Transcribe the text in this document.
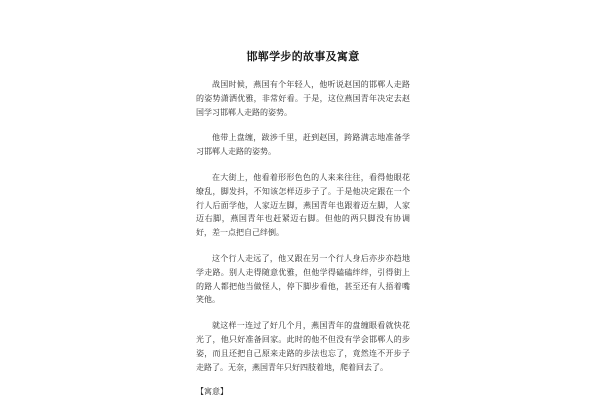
邯郸学步的故事及寓意

战国时候，燕国有个年轻人，他听说赵国的邯郸人走路的姿势潇洒优雅，非常好看。于是，这位燕国青年决定去赵国学习邯郸人走路的姿势。

他带上盘缠，跋涉千里，赶到赵国，跨路满志地准备学习邯郸人走路的姿势。

在大街上，他看着形形色色的人来来往往，看得他眼花缭乱，脚发抖，不知该怎样迈步子了。于是他决定跟在一个行人后面学他，人家迈左脚，燕国青年也跟着迈左脚，人家迈右脚，燕国青年也赶紧迈右脚。但他的两只脚没有协调好，差一点把自己绊倒。

这个行人走远了，他又跟在另一个行人身后亦步亦趋地学走路。别人走得随意优雅，但他学得磕磕绊绊，引得街上的路人都把他当做怪人，停下脚步看他，甚至还有人捂着嘴笑他。

就这样一连过了好几个月，燕国青年的盘缠眼看就快花光了，他只好准备回家。此时的他不但没有学会邯郸人的步姿，而且还把自己原来走路的步法也忘了，竟然连不开步子走路了。无奈，燕国青年只好四肢着地，爬着回去了。

【寓意】
